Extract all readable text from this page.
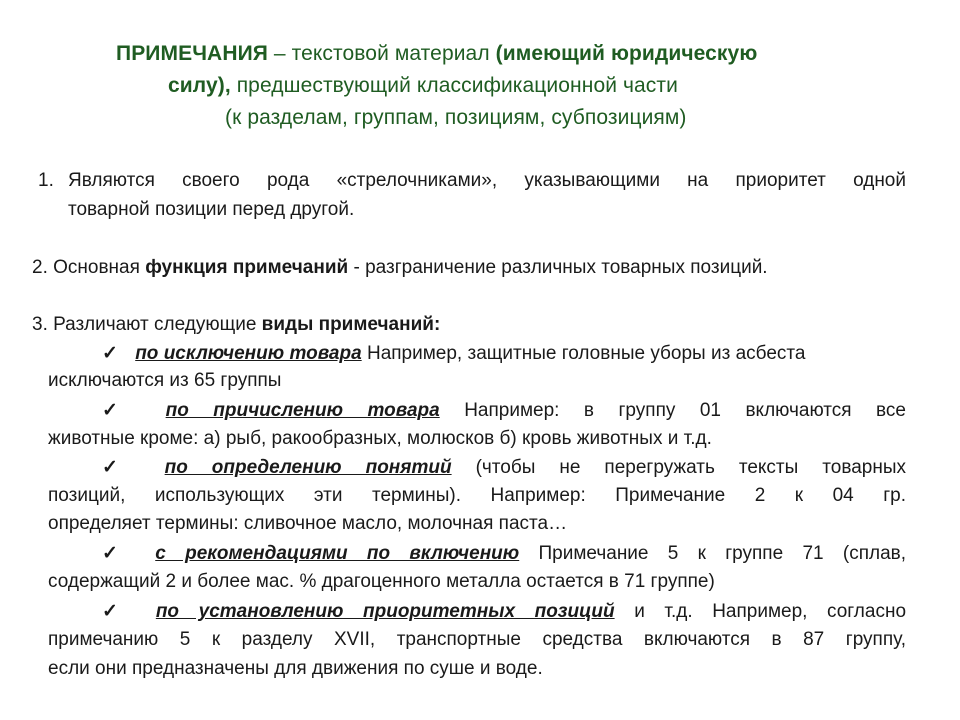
ПРИМЕЧАНИЯ – текстовой материал (имеющий юридическую
силу), предшествующий классификационной части
(к разделам, группам, позициям, субпозициям)
1. Являются своего рода «стрелочниками», указывающими на приоритет одной
товарной позиции перед другой.
2. Основная функция примечаний - разграничение различных товарных позиций.
3. Различают следующие виды примечаний:
✓ по исключению товара Например, защитные головные уборы из асбеста
исключаются из 65 группы
✓ по причислению товара Например: в группу 01 включаются все
животные кроме: а) рыб, ракообразных, молюсков б) кровь животных и т.д.
✓ по определению понятий (чтобы не перегружать тексты товарных
позиций, использующих эти термины). Например: Примечание 2 к 04 гр.
определяет термины: сливочное масло, молочная паста…
✓ с рекомендациями по включению Примечание 5 к группе 71 (сплав,
содержащий 2 и более мас. % драгоценного металла остается в 71 группе)
✓ по установлению приоритетных позиций и т.д. Например, согласно
примечанию 5 к разделу XVII, транспортные средства включаются в 87 группу,
если они предназначены для движения по суше и воде.
